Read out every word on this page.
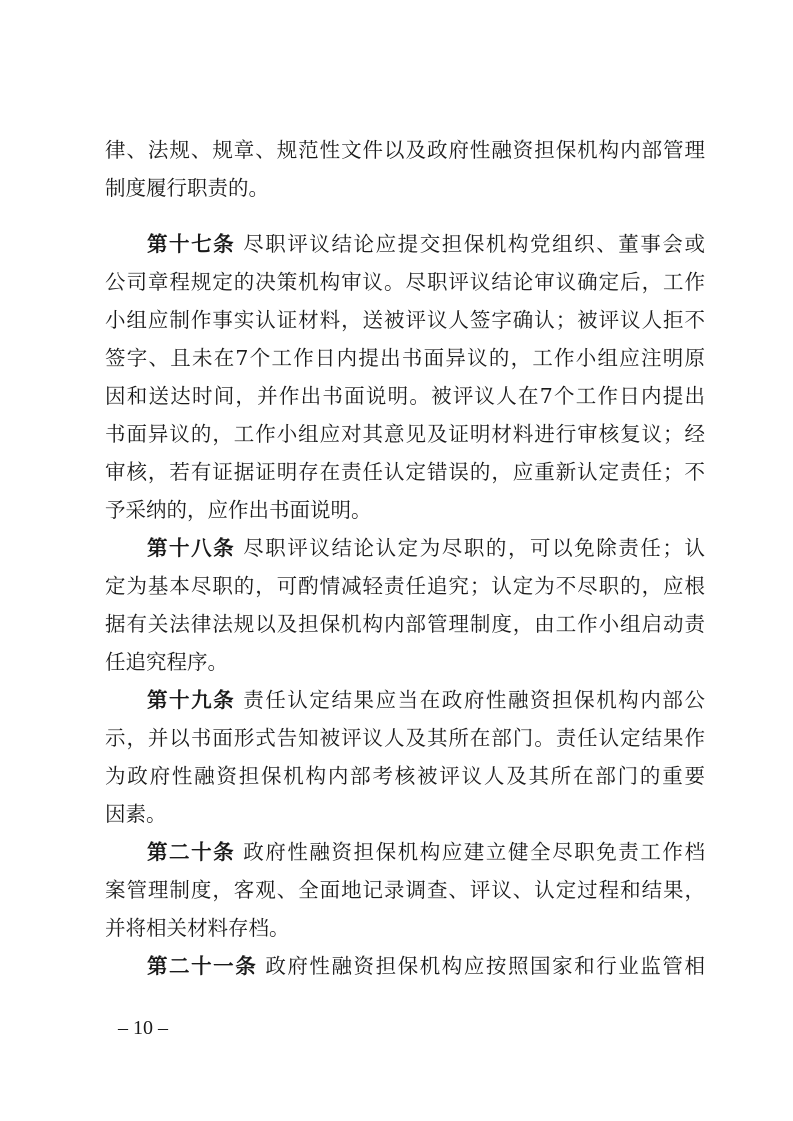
律、法规、规章、规范性文件以及政府性融资担保机构内部管理
制度履行职责的。
第十七条 尽职评议结论应提交担保机构党组织、董事会或
公司章程规定的决策机构审议。尽职评议结论审议确定后，工作
小组应制作事实认证材料，送被评议人签字确认；被评议人拒不
签字、且未在7个工作日内提出书面异议的，工作小组应注明原
因和送达时间，并作出书面说明。被评议人在7个工作日内提出
书面异议的，工作小组应对其意见及证明材料进行审核复议；经
审核，若有证据证明存在责任认定错误的，应重新认定责任；不
予采纳的，应作出书面说明。
第十八条 尽职评议结论认定为尽职的，可以免除责任；认
定为基本尽职的，可酌情减轻责任追究；认定为不尽职的，应根
据有关法律法规以及担保机构内部管理制度，由工作小组启动责
任追究程序。
第十九条 责任认定结果应当在政府性融资担保机构内部公
示，并以书面形式告知被评议人及其所在部门。责任认定结果作
为政府性融资担保机构内部考核被评议人及其所在部门的重要
因素。
第二十条 政府性融资担保机构应建立健全尽职免责工作档
案管理制度，客观、全面地记录调查、评议、认定过程和结果，
并将相关材料存档。
第二十一条 政府性融资担保机构应按照国家和行业监管相
– 10 –
